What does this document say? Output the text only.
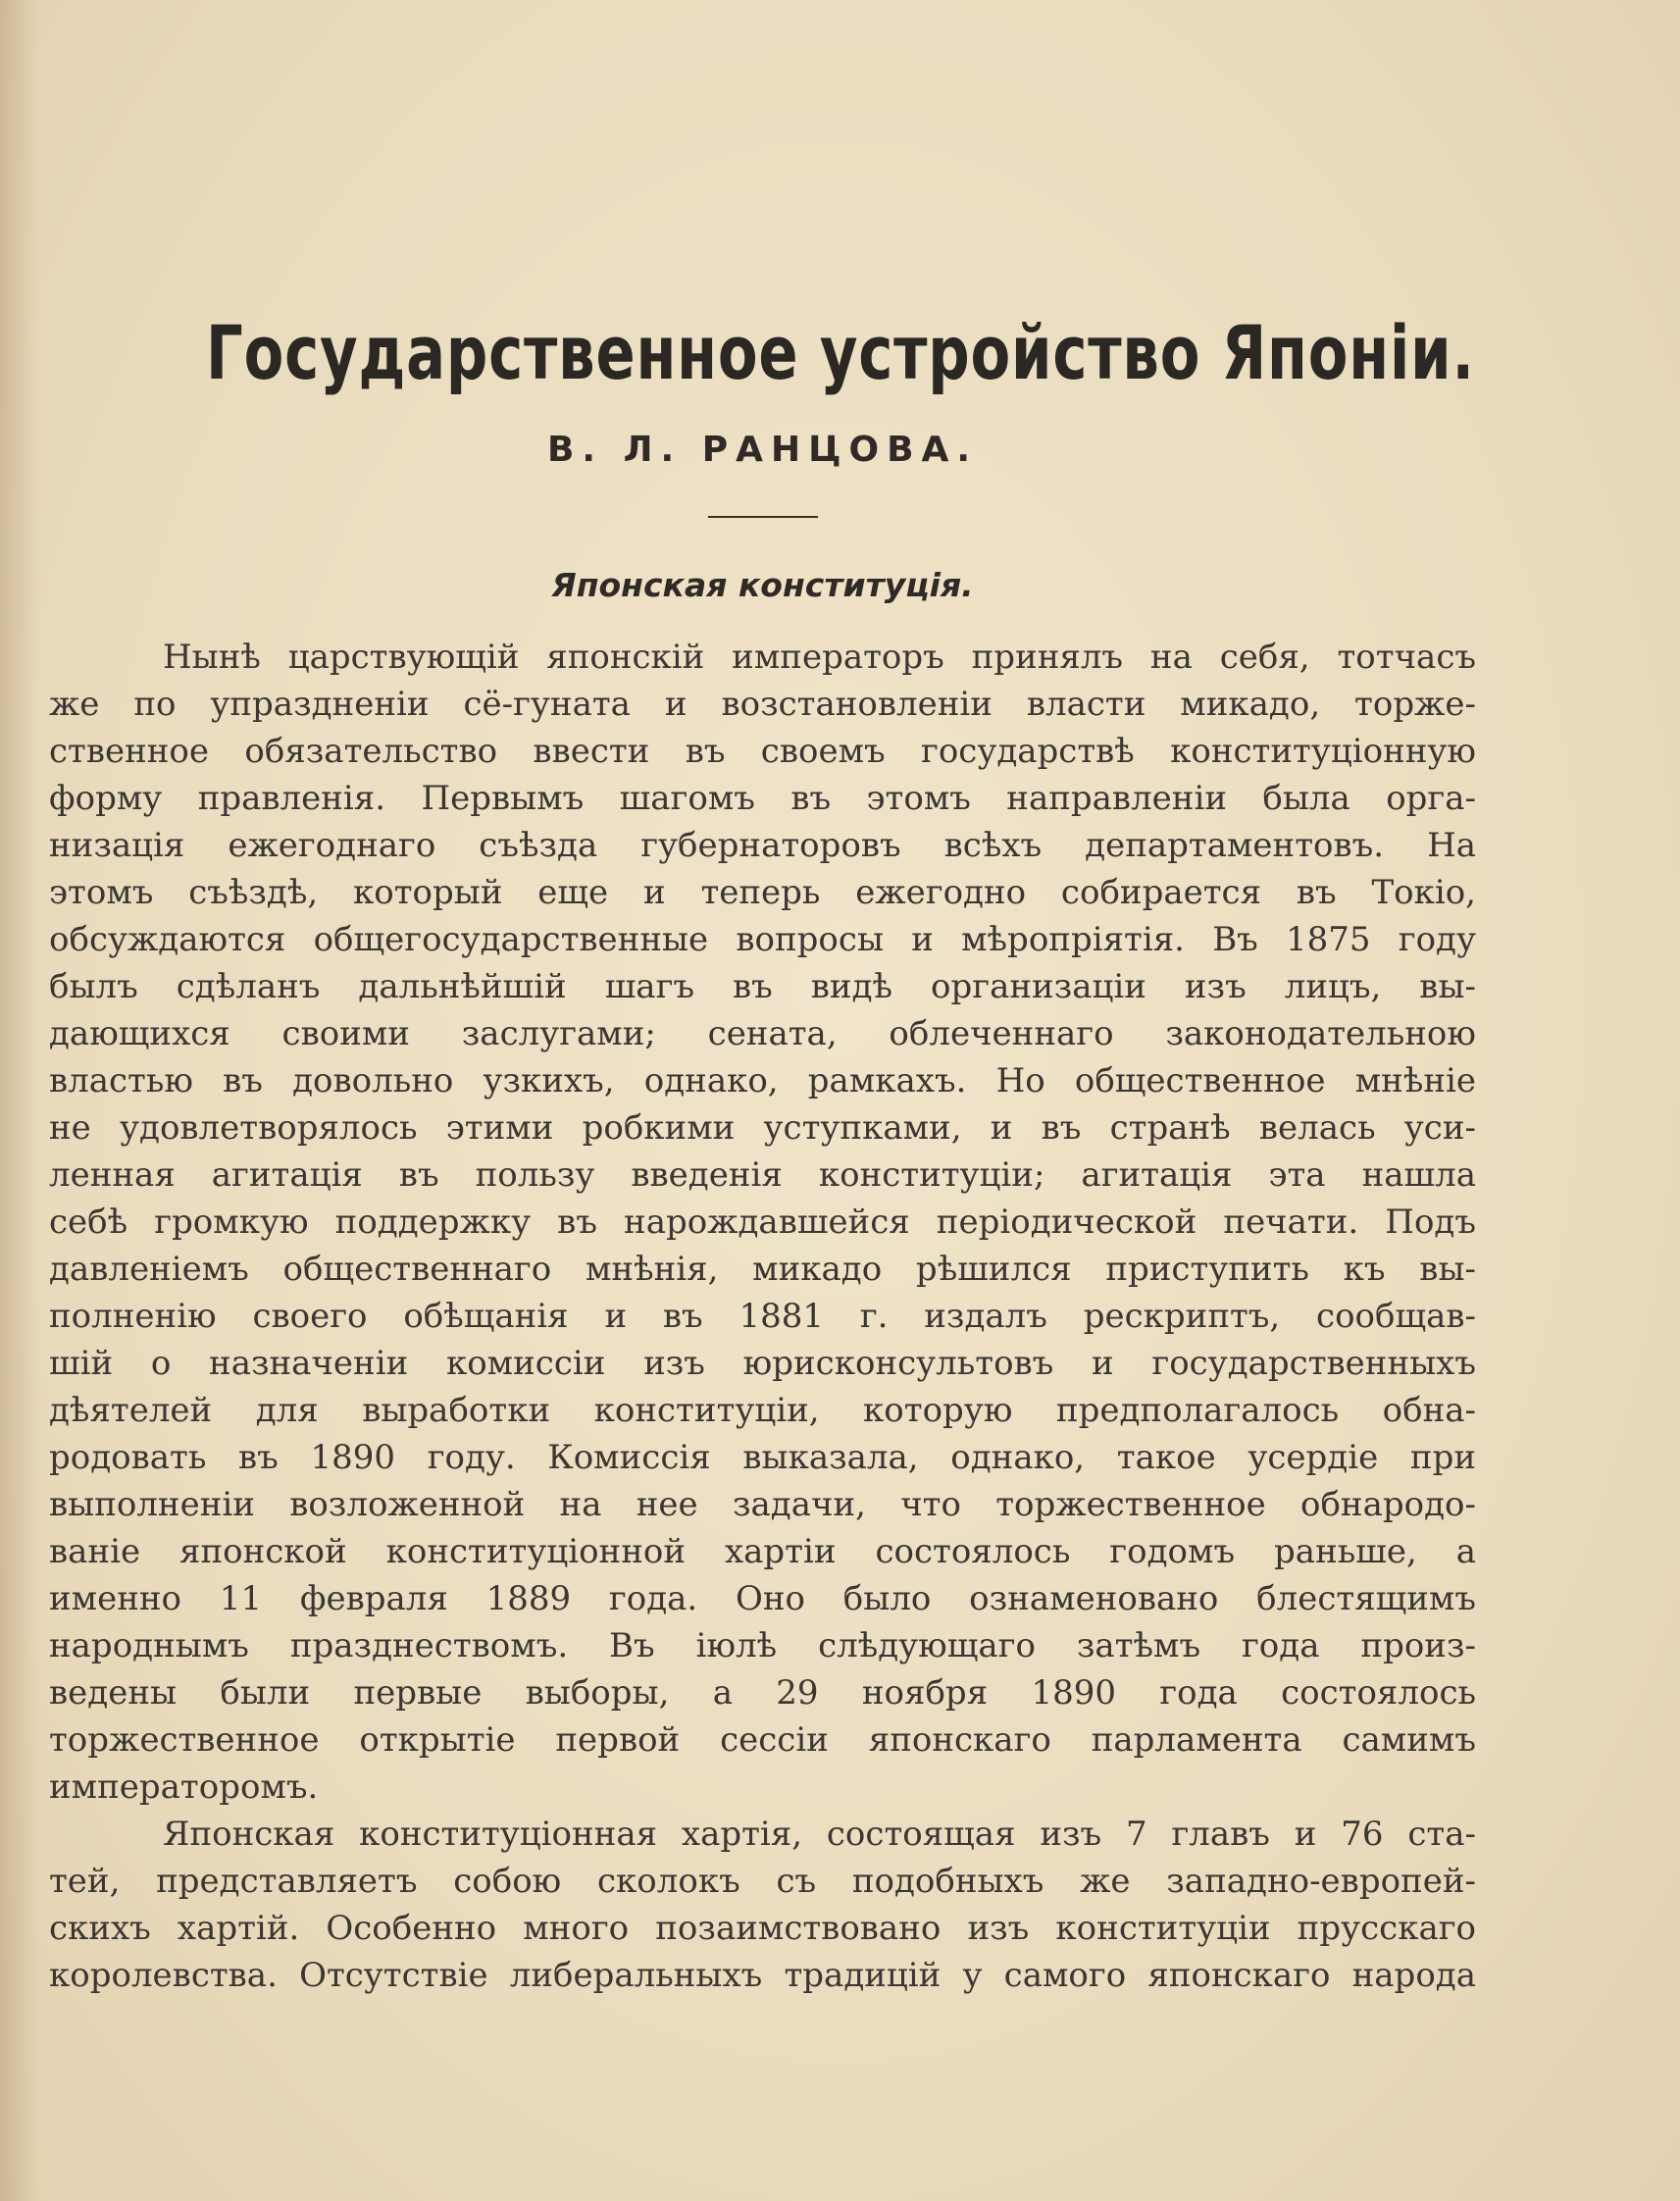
Государственное устройство Японіи.
В. Л. РАНЦОВА.
Японская конституція.

Нынѣ царствующій японскій императоръ принялъ на себя, тотчасъ
же по упраздненіи сё-гуната и возстановленіи власти микадо, торже-
ственное обязательство ввести въ своемъ государствѣ конституціонную
форму правленія. Первымъ шагомъ въ этомъ направленіи была орга-
низація ежегоднаго съѣзда губернаторовъ всѣхъ департаментовъ. На
этомъ съѣздѣ, который еще и теперь ежегодно собирается въ Токіо,
обсуждаются общегосударственные вопросы и мѣропріятія. Въ 1875 году
былъ сдѣланъ дальнѣйшій шагъ въ видѣ организаціи изъ лицъ, вы-
дающихся своими заслугами; сената, облеченнаго законодательною
властью въ довольно узкихъ, однако, рамкахъ. Но общественное мнѣніе
не удовлетворялось этими робкими уступками, и въ странѣ велась уси-
ленная агитація въ пользу введенія конституціи; агитація эта нашла
себѣ громкую поддержку въ нарождавшейся періодической печати. Подъ
давленіемъ общественнаго мнѣнія, микадо рѣшился приступить къ вы-
полненію своего обѣщанія и въ 1881 г. издалъ рескриптъ, сообщав-
шій о назначеніи комиссіи изъ юрисконсультовъ и государственныхъ
дѣятелей для выработки конституціи, которую предполагалось обна-
родовать въ 1890 году. Комиссія выказала, однако, такое усердіе при
выполненіи возложенной на нее задачи, что торжественное обнародо-
ваніе японской конституціонной хартіи состоялось годомъ раньше, а
именно 11 февраля 1889 года. Оно было ознаменовано блестящимъ
народнымъ празднествомъ. Въ іюлѣ слѣдующаго затѣмъ года произ-
ведены были первые выборы, а 29 ноября 1890 года состоялось
торжественное открытіе первой сессіи японскаго парламента самимъ
императоромъ.

Японская конституціонная хартія, состоящая изъ 7 главъ и 76 ста-
тей, представляетъ собою сколокъ съ подобныхъ же западно-европей-
скихъ хартій. Особенно много позаимствовано изъ конституціи прусскаго
королевства. Отсутствіе либеральныхъ традицій у самого японскаго народа
